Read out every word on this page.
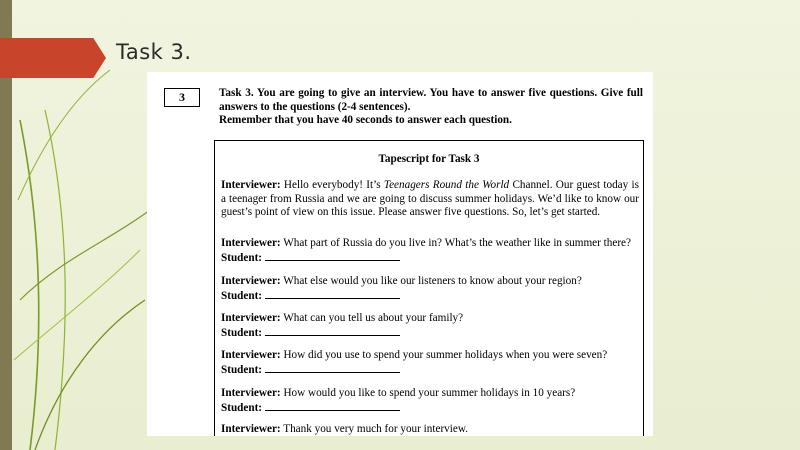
Task 3.
3	Task 3. You are going to give an interview. You have to answer five questions. Give full answers to the questions (2-4 sentences).
Remember that you have 40 seconds to answer each question.
Tapescript for Task 3
Interviewer: Hello everybody! It’s Teenagers Round the World Channel. Our guest today is a teenager from Russia and we are going to discuss summer holidays. We’d like to know our guest’s point of view on this issue. Please answer five questions. So, let’s get started.
Interviewer: What part of Russia do you live in? What’s the weather like in summer there?
Student:
Interviewer: What else would you like our listeners to know about your region?
Student:
Interviewer: What can you tell us about your family?
Student:
Interviewer: How did you use to spend your summer holidays when you were seven?
Student:
Interviewer: How would you like to spend your summer holidays in 10 years?
Student:
Interviewer: Thank you very much for your interview.
